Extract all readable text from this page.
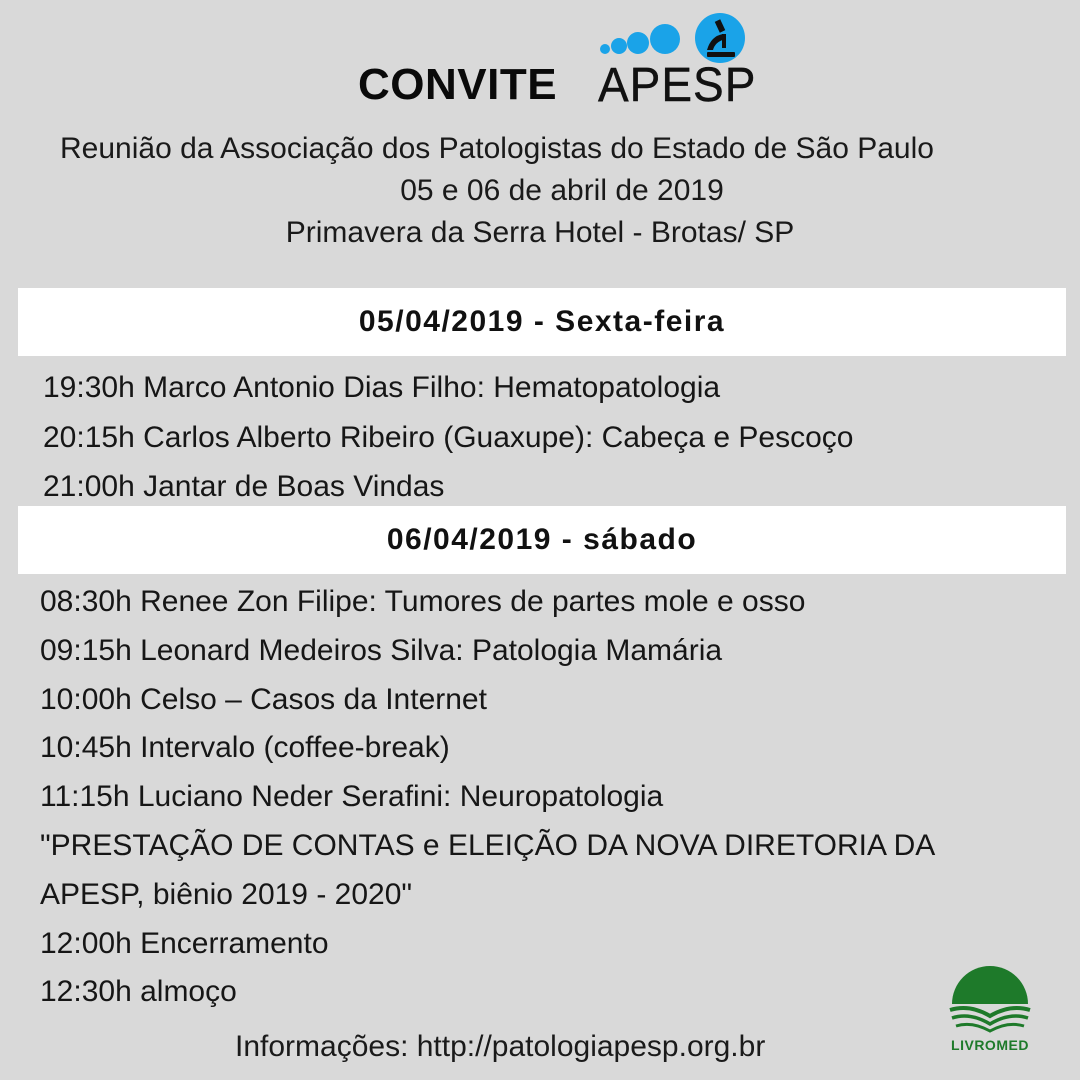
CONVITE APESP
Reunião da Associação dos Patologistas do Estado de São Paulo
05 e 06 de abril de 2019
Primavera da Serra Hotel - Brotas/ SP
05/04/2019 - Sexta-feira
19:30h Marco Antonio Dias Filho: Hematopatologia
20:15h Carlos Alberto Ribeiro (Guaxupe): Cabeça e Pescoço
21:00h Jantar de Boas Vindas
06/04/2019 - sábado
08:30h Renee Zon Filipe: Tumores de partes mole e osso
09:15h Leonard Medeiros Silva: Patologia Mamária
10:00h Celso – Casos da Internet
10:45h Intervalo (coffee-break)
11:15h Luciano Neder Serafini: Neuropatologia
"PRESTAÇÃO DE CONTAS e ELEIÇÃO DA NOVA DIRETORIA DA
APESP, biênio 2019 - 2020"
12:00h Encerramento
12:30h almoço
Informações: http://patologiapesp.org.br	LIVROMED
